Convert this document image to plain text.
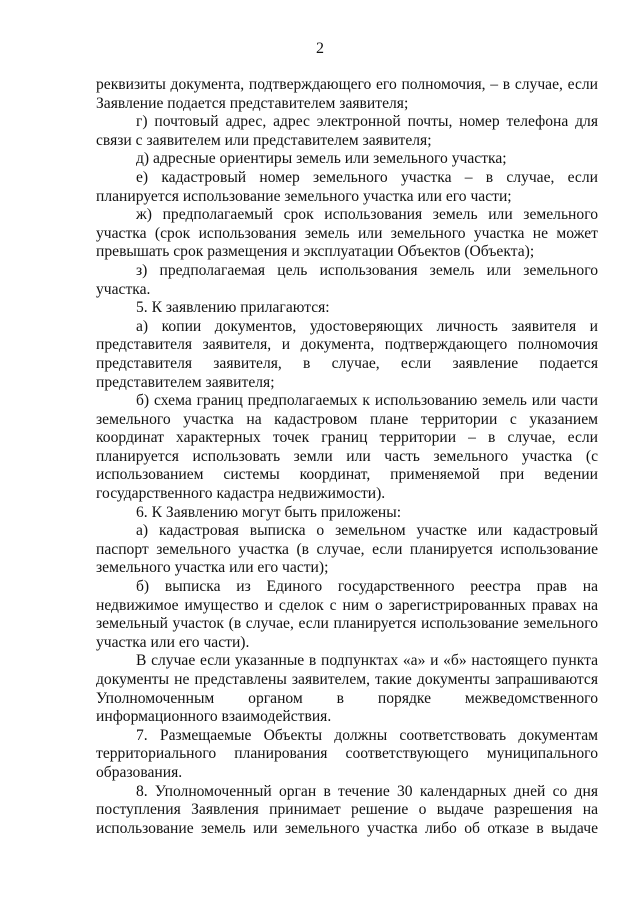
2

реквизиты документа, подтверждающего его полномочия, – в случае, если Заявление подается представителем заявителя;

г) почтовый адрес, адрес электронной почты, номер телефона для связи с заявителем или представителем заявителя;

д) адресные ориентиры земель или земельного участка;

е) кадастровый номер земельного участка – в случае, если планируется использование земельного участка или его части;

ж) предполагаемый срок использования земель или земельного участка (срок использования земель или земельного участка не может превышать срок размещения и эксплуатации Объектов (Объекта);

з) предполагаемая цель использования земель или земельного участка.

5. К заявлению прилагаются:

а) копии документов, удостоверяющих личность заявителя и представителя заявителя, и документа, подтверждающего полномочия представителя заявителя, в случае, если заявление подается представителем заявителя;

б) схема границ предполагаемых к использованию земель или части земельного участка на кадастровом плане территории с указанием координат характерных точек границ территории – в случае, если планируется использовать земли или часть земельного участка (с использованием системы координат, применяемой при ведении государственного кадастра недвижимости).

6. К Заявлению могут быть приложены:

а) кадастровая выписка о земельном участке или кадастровый паспорт земельного участка (в случае, если планируется использование земельного участка или его части);

б) выписка из Единого государственного реестра прав на недвижимое имущество и сделок с ним о зарегистрированных правах на земельный участок (в случае, если планируется использование земельного участка или его части).

В случае если указанные в подпунктах «а» и «б» настоящего пункта документы не представлены заявителем, такие документы запрашиваются Уполномоченным органом в порядке межведомственного информационного взаимодействия.

7. Размещаемые Объекты должны соответствовать документам территориального планирования соответствующего муниципального образования.

8. Уполномоченный орган в течение 30 календарных дней со дня поступления Заявления принимает решение о выдаче разрешения на использование земель или земельного участка либо об отказе в выдаче
